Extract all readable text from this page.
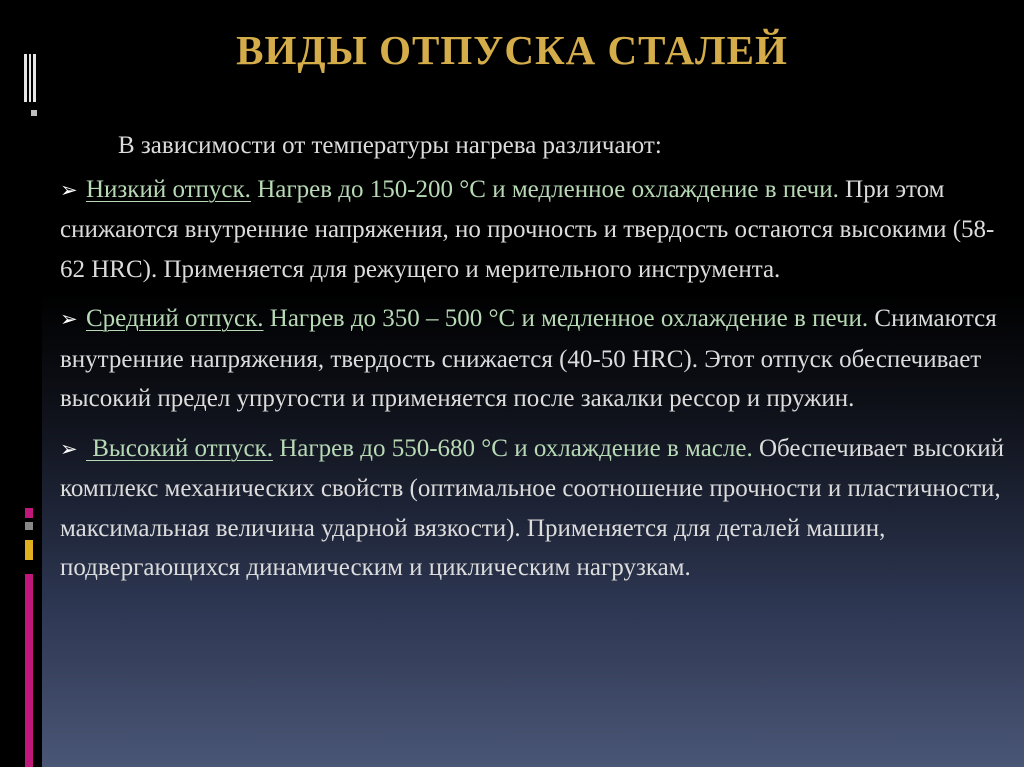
ВИДЫ ОТПУСКА СТАЛЕЙ

В зависимости от температуры нагрева различают:

➢ Низкий отпуск. Нагрев до 150-200 °С и медленное охлаждение в печи. При этом снижаются внутренние напряжения, но прочность и твердость остаются высокими (58-62 HRC). Применяется для режущего и мерительного инструмента.

➢ Средний отпуск. Нагрев до 350 – 500 °С и медленное охлаждение в печи. Снимаются внутренние напряжения, твердость снижается (40-50 HRC). Этот отпуск обеспечивает высокий предел упругости и применяется после закалки рессор и пружин.

➢ Высокий отпуск. Нагрев до 550-680 °С и охлаждение в масле. Обеспечивает высокий комплекс механических свойств (оптимальное соотношение прочности и пластичности, максимальная величина ударной вязкости). Применяется для деталей машин, подвергающихся динамическим и циклическим нагрузкам.
